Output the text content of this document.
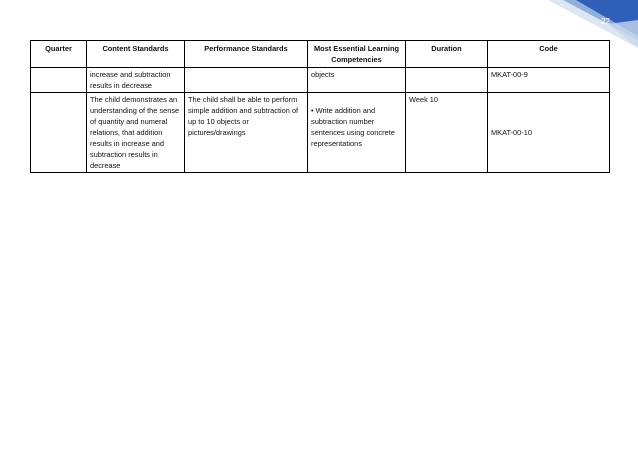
22
Quarter	Content Standards	Performance Standards	Most Essential Learning Competencies	Duration	Code
	increase and subtraction results in decrease		objects		MKAT-00-9
	The child demonstrates an understanding of the sense of quantity and numeral relations, that addition results in increase and subtraction results in decrease	The child shall be able to perform simple addition and subtraction of up to 10 objects or pictures/drawings	• Write addition and subtraction number sentences using concrete representations	Week 10	MKAT-00-10
